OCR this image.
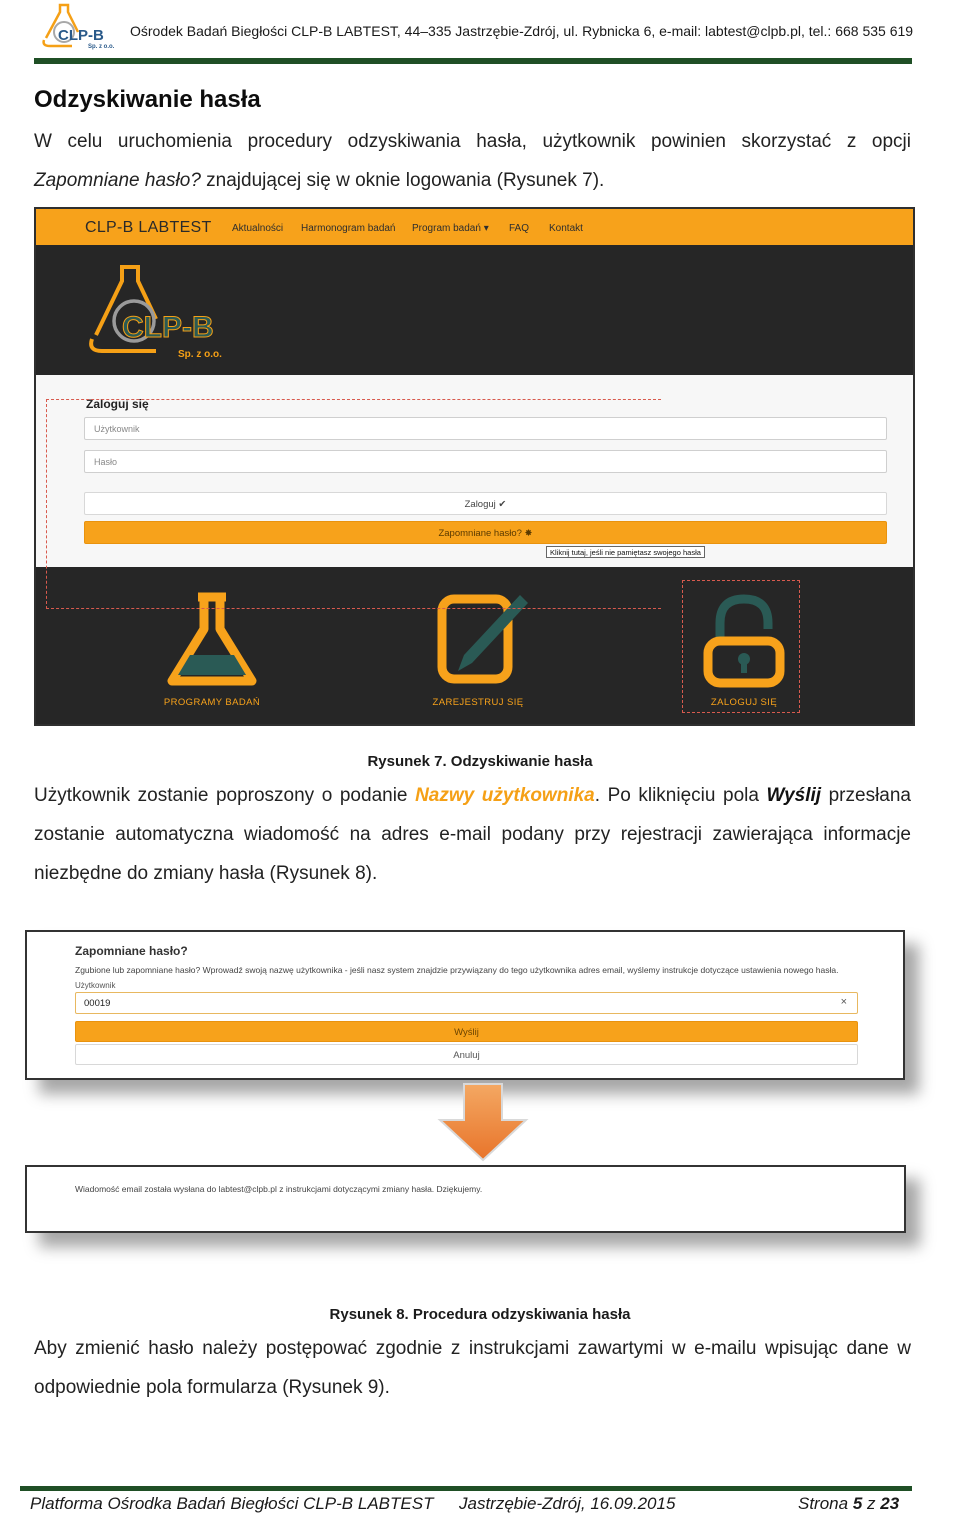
CLP-B
Sp. z o.o.
Ośrodek Badań Biegłości CLP-B LABTEST, 44–335 Jastrzębie-Zdrój, ul. Rybnicka 6, e-mail: labtest@clpb.pl, tel.: 668 535 619
Odzyskiwanie hasła
W celu uruchomienia procedury odzyskiwania hasła, użytkownik powinien skorzystać z opcji
Zapomniane hasło? znajdującej się w oknie logowania (Rysunek 7).
CLP-B LABTEST Aktualności Harmonogram badań Program badań ▾ FAQ Kontakt
CLP-B
Sp. z o.o.
Zaloguj się
Użytkownik
Hasło
Zaloguj ✔
Zapomniane hasło? ✸
Kliknij tutaj, jeśli nie pamiętasz swojego hasła
PROGRAMY BADAŃ	ZAREJESTRUJ SIĘ	ZALOGUJ SIĘ
Rysunek 7. Odzyskiwanie hasła
Użytkownik zostanie poproszony o podanie Nazwy użytkownika. Po kliknięciu pola Wyślij przesłana
zostanie automatyczna wiadomość na adres e-mail podany przy rejestracji zawierająca informacje
niezbędne do zmiany hasła (Rysunek 8).
Zapomniane hasło?
Zgubione lub zapomniane hasło? Wprowadź swoją nazwę użytkownika - jeśli nasz system znajdzie przywiązany do tego użytkownika adres email, wyślemy instrukcje dotyczące ustawienia nowego hasła.
Użytkownik
00019	×
Wyślij
Anuluj
Wiadomość email została wysłana do labtest@clpb.pl z instrukcjami dotyczącymi zmiany hasła. Dziękujemy.
Rysunek 8. Procedura odzyskiwania hasła
Aby zmienić hasło należy postępować zgodnie z instrukcjami zawartymi w e-mailu wpisując dane w
odpowiednie pola formularza (Rysunek 9).
Platforma Ośrodka Badań Biegłości CLP-B LABTEST Jastrzębie-Zdrój, 16.09.2015	Strona 5 z 23
